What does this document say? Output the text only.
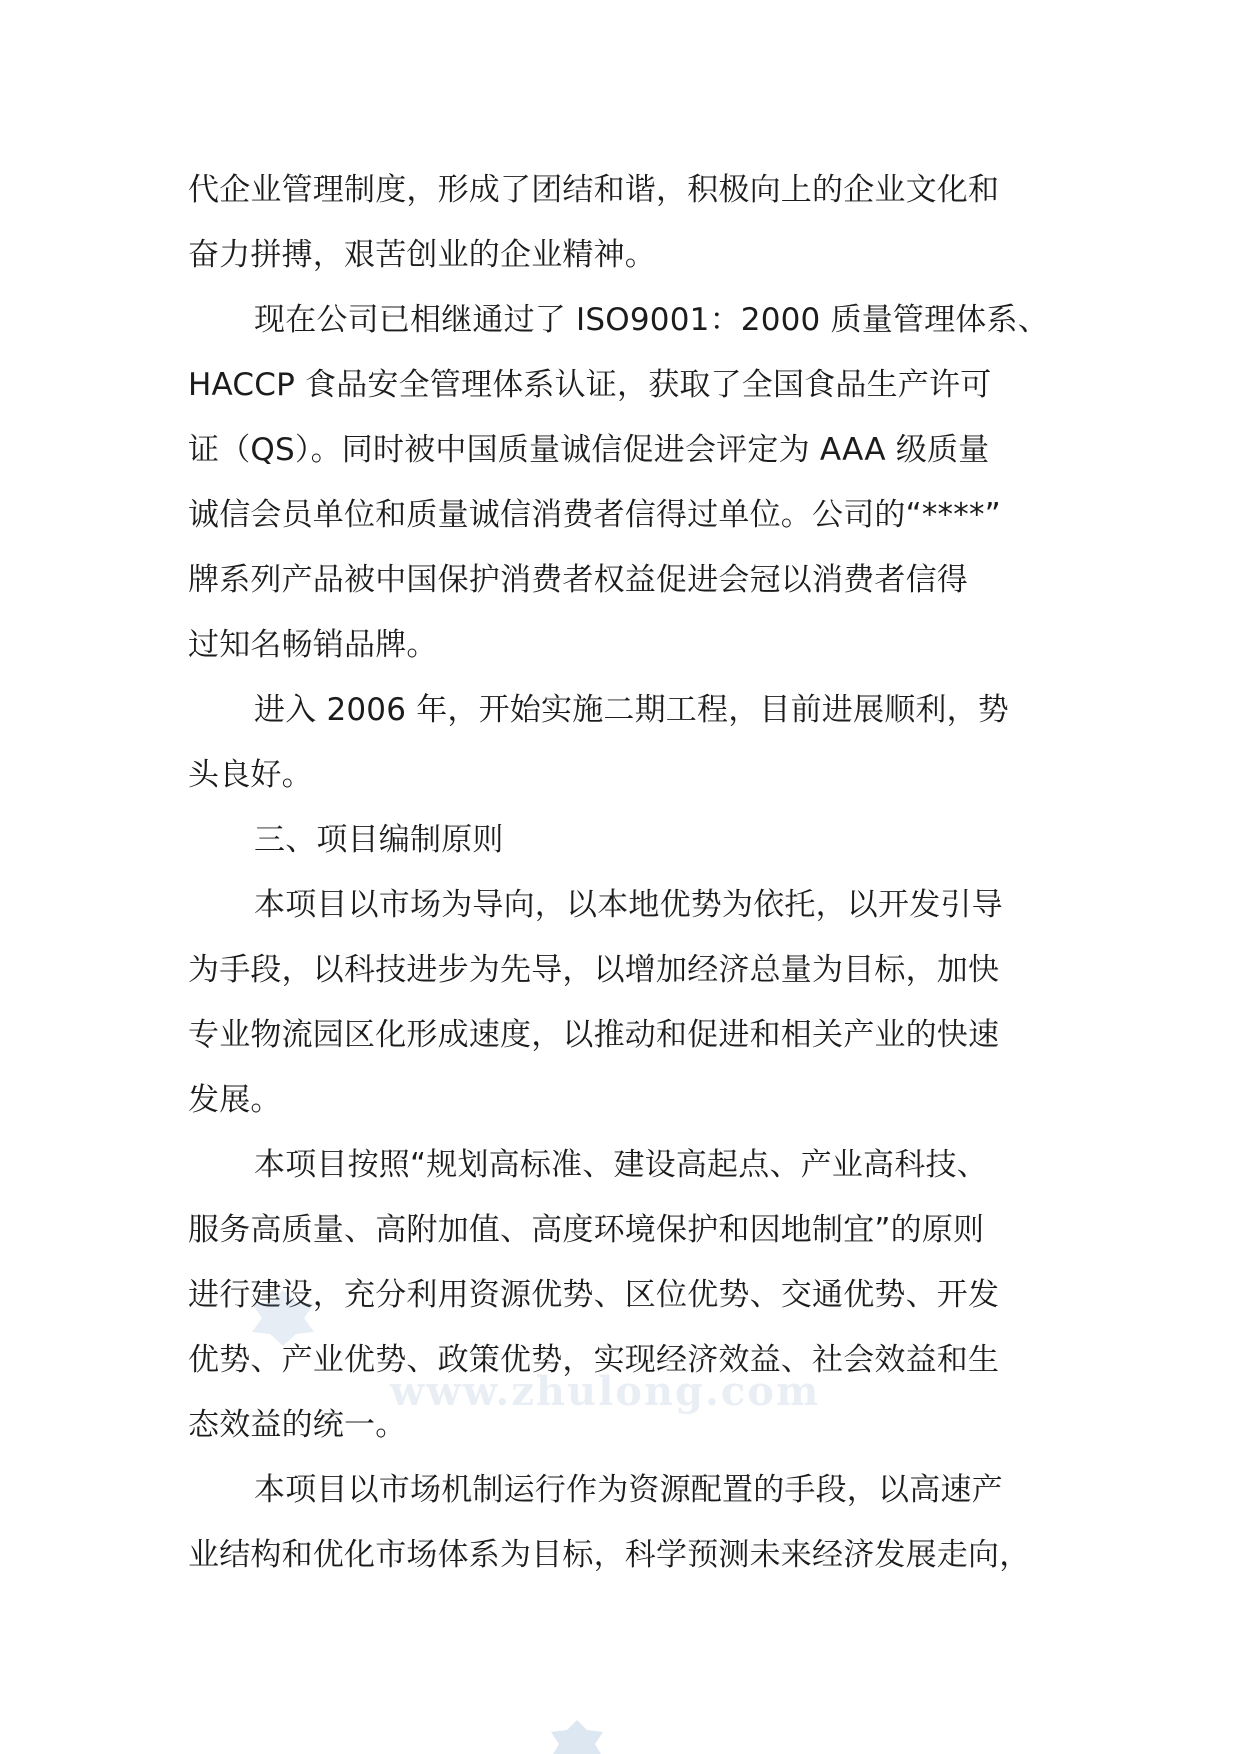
代企业管理制度，形成了团结和谐，积极向上的企业文化和
奋力拼搏，艰苦创业的企业精神。
现在公司已相继通过了 ISO9001：2000 质量管理体系、
HACCP 食品安全管理体系认证，获取了全国食品生产许可
证（QS）。同时被中国质量诚信促进会评定为 AAA 级质量
诚信会员单位和质量诚信消费者信得过单位。公司的“****”
牌系列产品被中国保护消费者权益促进会冠以消费者信得
过知名畅销品牌。
进入 2006 年，开始实施二期工程，目前进展顺利，势
头良好。
三、项目编制原则
本项目以市场为导向，以本地优势为依托，以开发引导
为手段，以科技进步为先导，以增加经济总量为目标，加快
专业物流园区化形成速度，以推动和促进和相关产业的快速
发展。
本项目按照“规划高标准、建设高起点、产业高科技、
服务高质量、高附加值、高度环境保护和因地制宜”的原则
进行建设，充分利用资源优势、区位优势、交通优势、开发
优势、产业优势、政策优势，实现经济效益、社会效益和生
态效益的统一。
本项目以市场机制运行作为资源配置的手段，以高速产
业结构和优化市场体系为目标，科学预测未来经济发展走向，
www.zhulong.com
